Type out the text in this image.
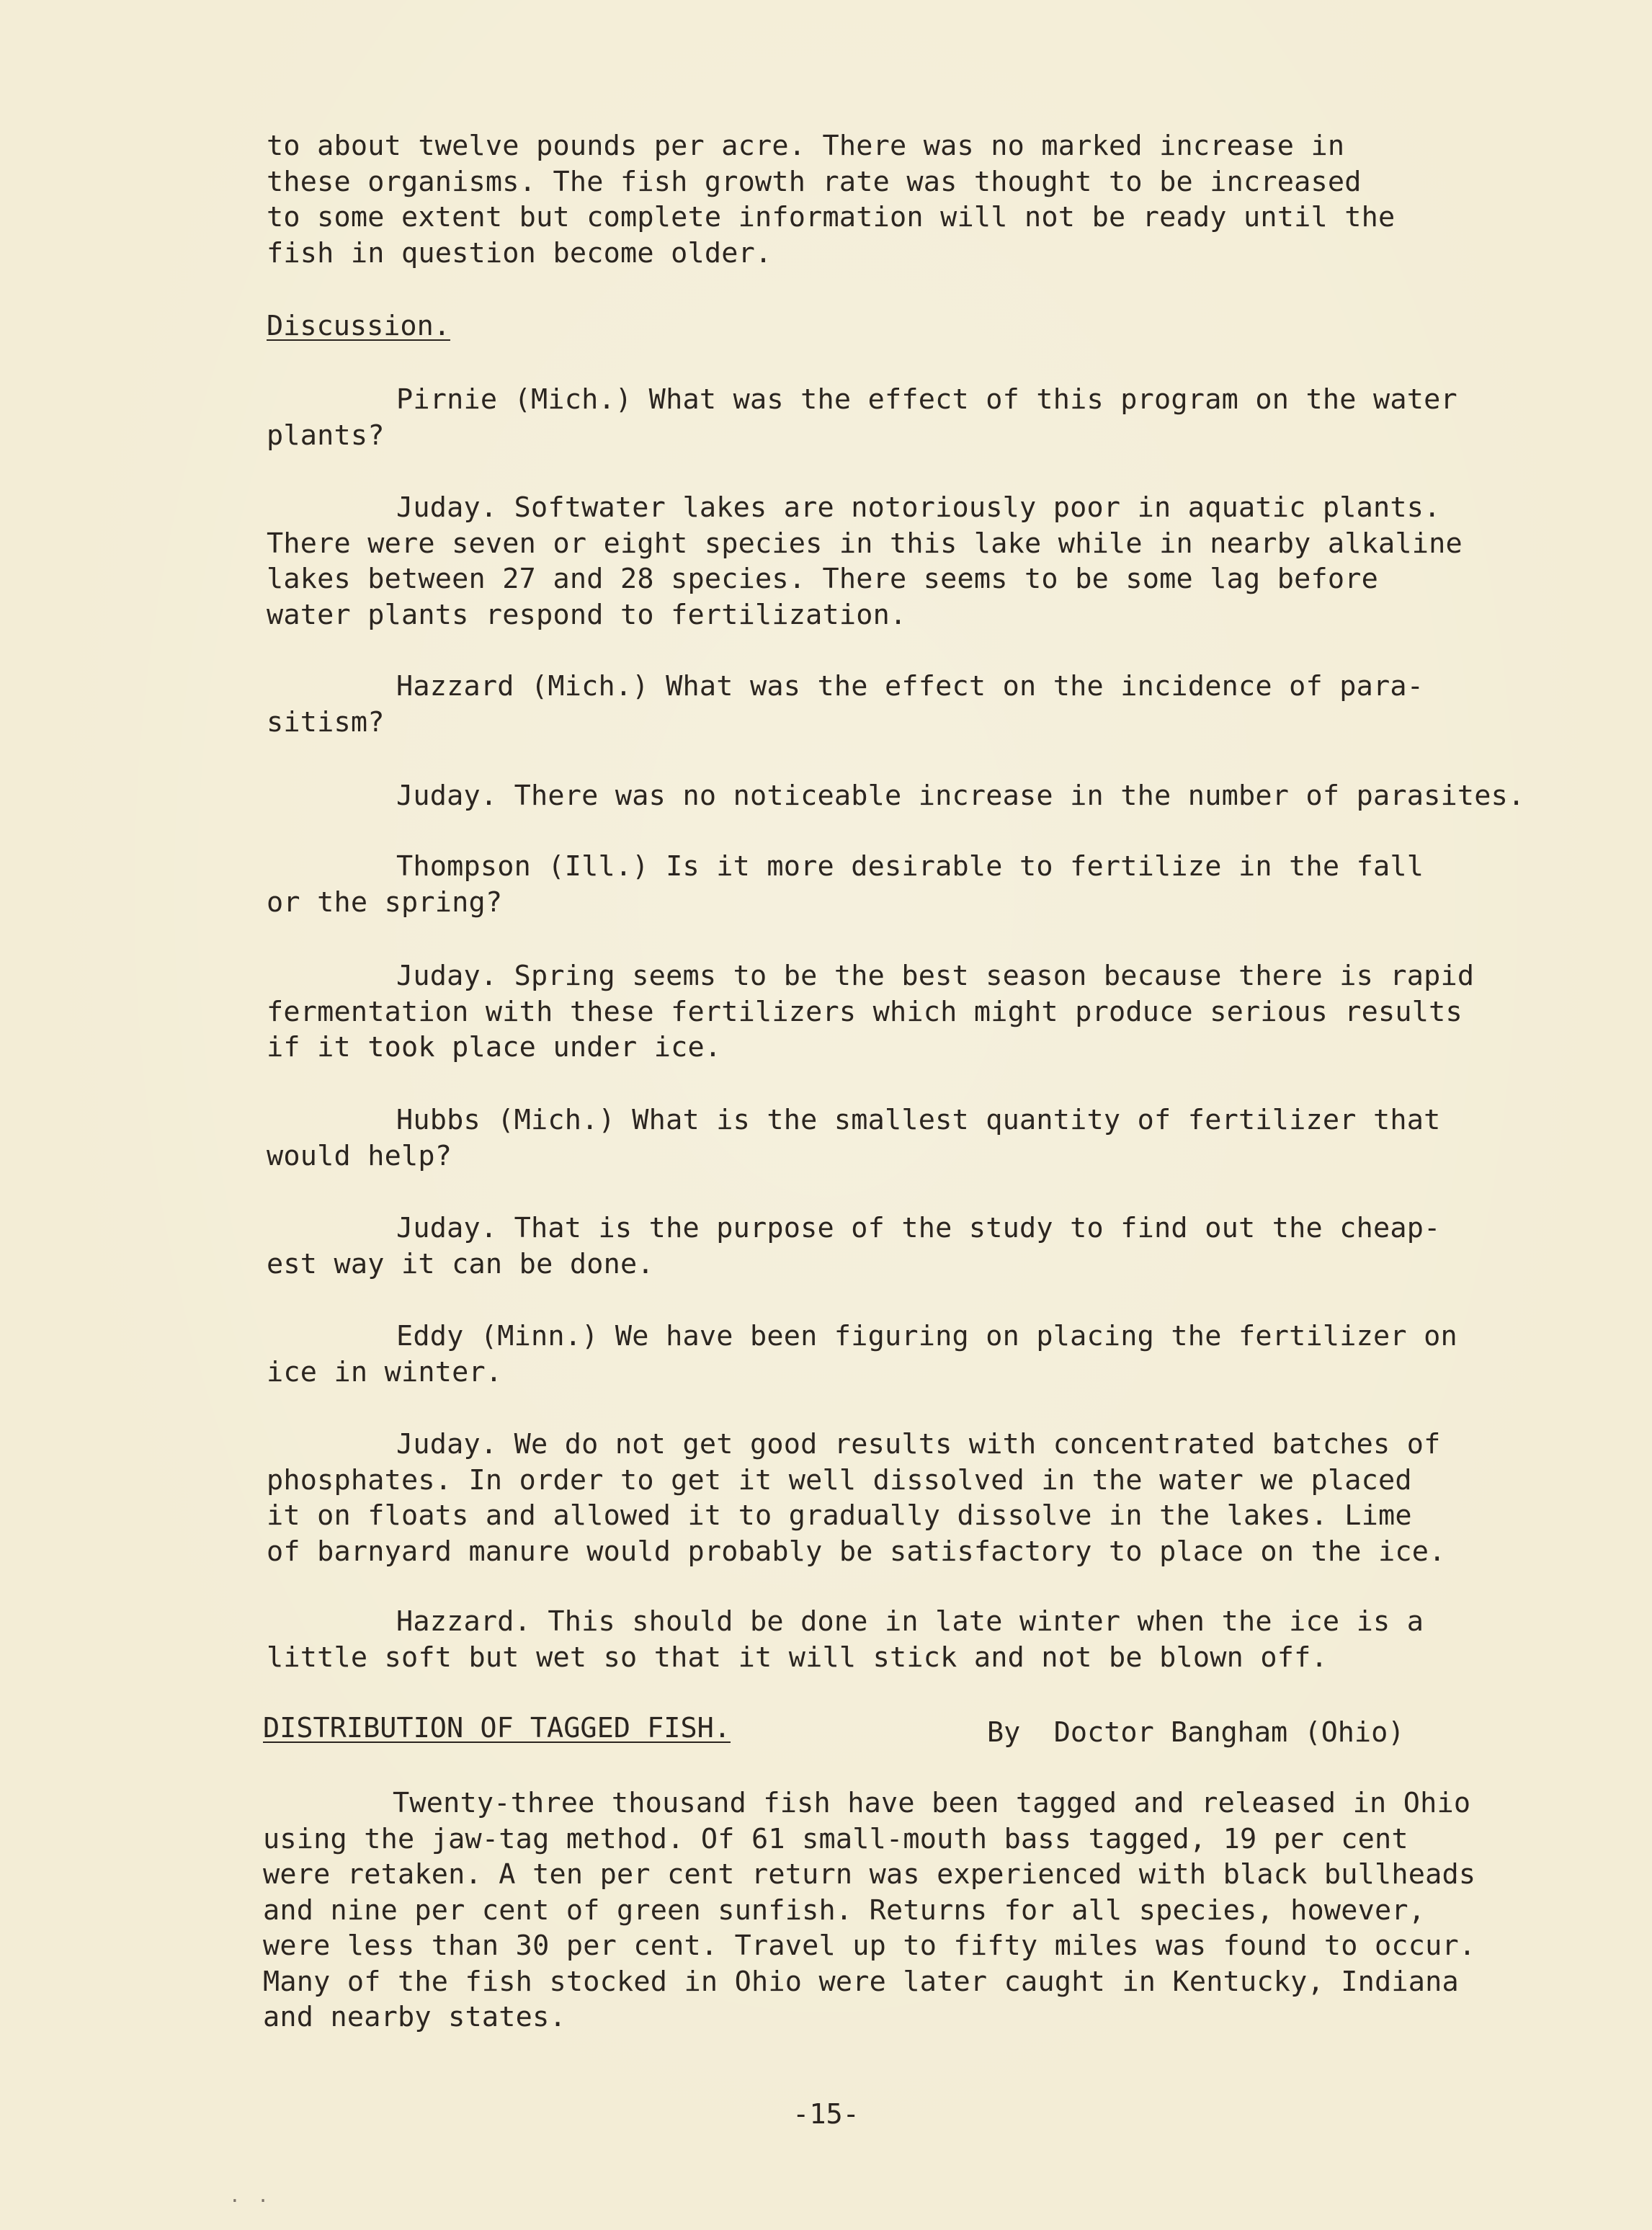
to about twelve pounds per acre. There was no marked increase in
these organisms. The fish growth rate was thought to be increased
to some extent but complete information will not be ready until the
fish in question become older.

Discussion.

Pirnie (Mich.) What was the effect of this program on the water
plants?

Juday. Softwater lakes are notoriously poor in aquatic plants.
There were seven or eight species in this lake while in nearby alkaline
lakes between 27 and 28 species. There seems to be some lag before
water plants respond to fertilization.

Hazzard (Mich.) What was the effect on the incidence of para-
sitism?

Juday. There was no noticeable increase in the number of parasites.

Thompson (Ill.) Is it more desirable to fertilize in the fall
or the spring?

Juday. Spring seems to be the best season because there is rapid
fermentation with these fertilizers which might produce serious results
if it took place under ice.

Hubbs (Mich.) What is the smallest quantity of fertilizer that
would help?

Juday. That is the purpose of the study to find out the cheap-
est way it can be done.

Eddy (Minn.) We have been figuring on placing the fertilizer on
ice in winter.

Juday. We do not get good results with concentrated batches of
phosphates. In order to get it well dissolved in the water we placed
it on floats and allowed it to gradually dissolve in the lakes. Lime
of barnyard manure would probably be satisfactory to place on the ice.

Hazzard. This should be done in late winter when the ice is a
little soft but wet so that it will stick and not be blown off.

DISTRIBUTION OF TAGGED FISH.	By  Doctor Bangham (Ohio)

Twenty-three thousand fish have been tagged and released in Ohio
using the jaw-tag method. Of 61 small-mouth bass tagged, 19 per cent
were retaken. A ten per cent return was experienced with black bullheads
and nine per cent of green sunfish. Returns for all species, however,
were less than 30 per cent. Travel up to fifty miles was found to occur.
Many of the fish stocked in Ohio were later caught in Kentucky, Indiana
and nearby states.

-15-
· ·
